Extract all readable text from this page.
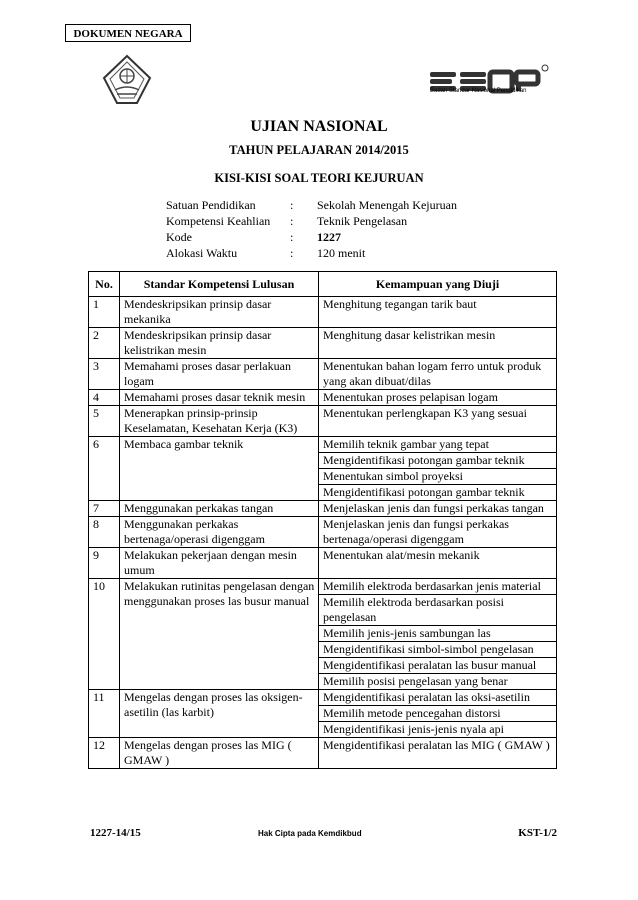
DOKUMEN NEGARA
Badan Standar Nasional Pendidikan
UJIAN NASIONAL
TAHUN PELAJARAN 2014/2015
KISI-KISI SOAL TEORI KEJURUAN
Satuan Pendidikan	:	Sekolah Menengah Kejuruan
Kompetensi Keahlian	:	Teknik Pengelasan
Kode	:	1227
Alokasi Waktu	:	120 menit
No.	Standar Kompetensi Lulusan	Kemampuan yang Diuji
1	Mendeskripsikan prinsip dasar mekanika	Menghitung tegangan tarik baut
2	Mendeskripsikan prinsip dasar kelistrikan mesin	Menghitung dasar kelistrikan mesin
3	Memahami proses dasar perlakuan logam	Menentukan bahan logam ferro untuk produk yang akan dibuat/dilas
4	Memahami proses dasar teknik mesin	Menentukan proses pelapisan logam
5	Menerapkan prinsip-prinsip Keselamatan, Kesehatan Kerja (K3)	Menentukan perlengkapan K3 yang sesuai
6	Membaca gambar teknik	Memilih teknik gambar yang tepat
		Mengidentifikasi potongan gambar teknik
		Menentukan simbol proyeksi
		Mengidentifikasi potongan gambar teknik
7	Menggunakan perkakas tangan	Menjelaskan jenis dan fungsi perkakas tangan
8	Menggunakan perkakas bertenaga/operasi digenggam	Menjelaskan jenis dan fungsi perkakas bertenaga/operasi digenggam
9	Melakukan pekerjaan dengan mesin umum	Menentukan alat/mesin mekanik
10	Melakukan rutinitas pengelasan dengan menggunakan proses las busur manual	Memilih elektroda berdasarkan jenis material
		Memilih elektroda berdasarkan posisi pengelasan
		Memilih jenis-jenis sambungan las
		Mengidentifikasi simbol-simbol pengelasan
		Mengidentifikasi peralatan las busur manual
		Memilih posisi pengelasan yang benar
11	Mengelas dengan proses las oksigen-asetilin (las karbit)	Mengidentifikasi peralatan las oksi-asetilin
		Memilih metode pencegahan distorsi
		Mengidentifikasi jenis-jenis nyala api
12	Mengelas dengan proses las MIG ( GMAW )	Mengidentifikasi peralatan las MIG ( GMAW )
1227-14/15	Hak Cipta pada Kemdikbud	KST-1/2
